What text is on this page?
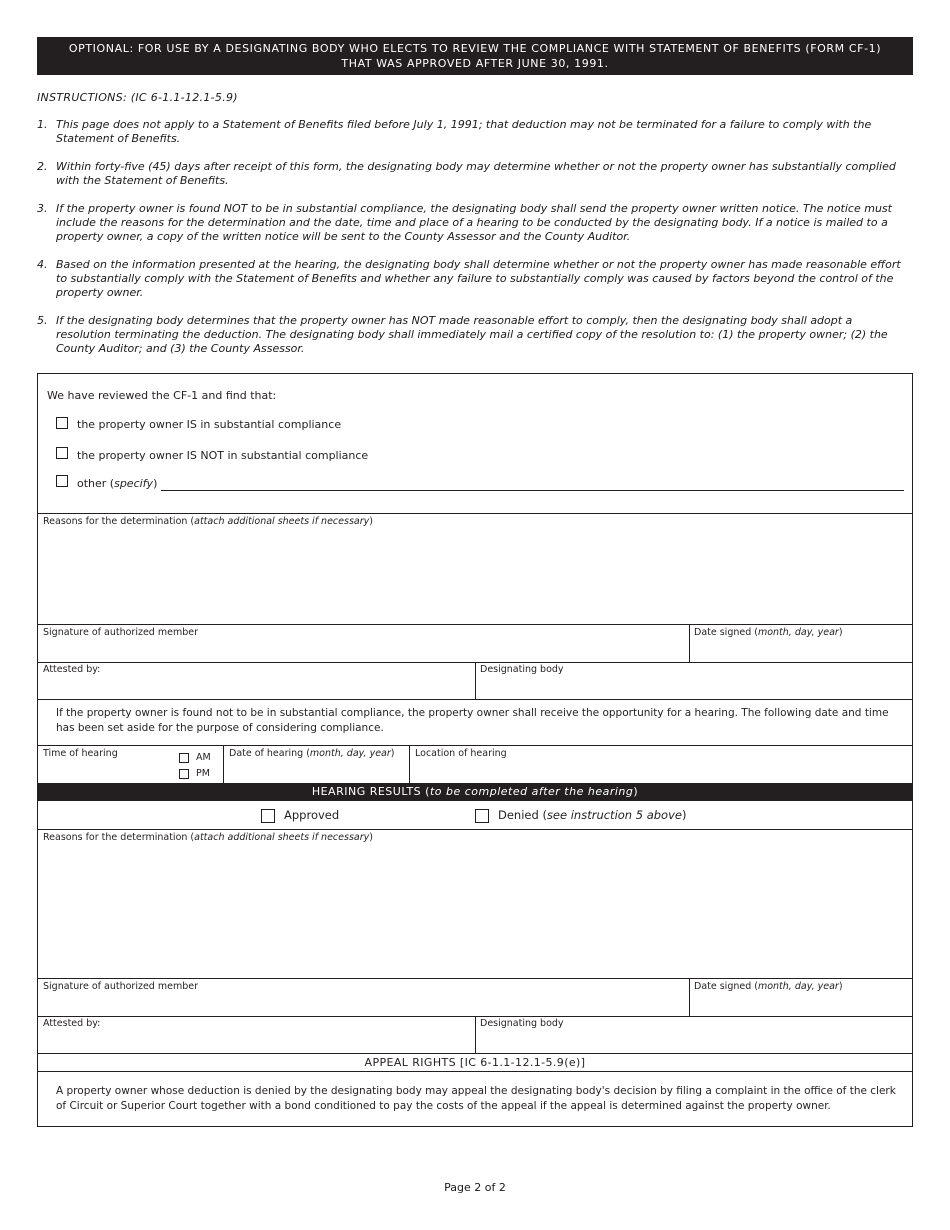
OPTIONAL: FOR USE BY A DESIGNATING BODY WHO ELECTS TO REVIEW THE COMPLIANCE WITH STATEMENT OF BENEFITS (FORM CF-1)
THAT WAS APPROVED AFTER JUNE 30, 1991.
INSTRUCTIONS: (IC 6-1.1-12.1-5.9)
1. This page does not apply to a Statement of Benefits filed before July 1, 1991; that deduction may not be terminated for a failure to comply with the Statement of Benefits.
2. Within forty-five (45) days after receipt of this form, the designating body may determine whether or not the property owner has substantially complied with the Statement of Benefits.
3. If the property owner is found NOT to be in substantial compliance, the designating body shall send the property owner written notice. The notice must include the reasons for the determination and the date, time and place of a hearing to be conducted by the designating body. If a notice is mailed to a property owner, a copy of the written notice will be sent to the County Assessor and the County Auditor.
4. Based on the information presented at the hearing, the designating body shall determine whether or not the property owner has made reasonable effort to substantially comply with the Statement of Benefits and whether any failure to substantially comply was caused by factors beyond the control of the property owner.
5. If the designating body determines that the property owner has NOT made reasonable effort to comply, then the designating body shall adopt a resolution terminating the deduction. The designating body shall immediately mail a certified copy of the resolution to: (1) the property owner; (2) the County Auditor; and (3) the County Assessor.
We have reviewed the CF-1 and find that:
the property owner IS in substantial compliance
the property owner IS NOT in substantial compliance
other (specify)
Reasons for the determination (attach additional sheets if necessary)
Signature of authorized member	Date signed (month, day, year)
Attested by:	Designating body
If the property owner is found not to be in substantial compliance, the property owner shall receive the opportunity for a hearing. The following date and time has been set aside for the purpose of considering compliance.
Time of hearing	AM
PM
Date of hearing (month, day, year) Location of hearing
HEARING RESULTS (to be completed after the hearing)
Approved	Denied (see instruction 5 above)
Reasons for the determination (attach additional sheets if necessary)
Signature of authorized member	Date signed (month, day, year)
Attested by:	Designating body
APPEAL RIGHTS [IC 6-1.1-12.1-5.9(e)]
A property owner whose deduction is denied by the designating body may appeal the designating body's decision by filing a complaint in the office of the clerk of Circuit or Superior Court together with a bond conditioned to pay the costs of the appeal if the appeal is determined against the property owner.
Page 2 of 2
